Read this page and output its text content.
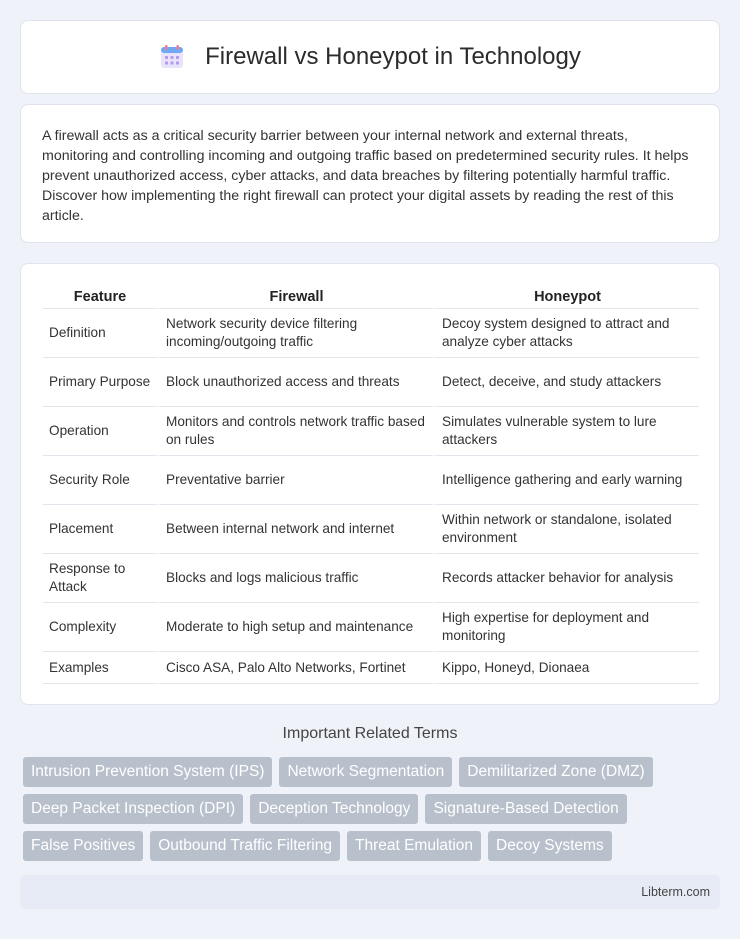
Firewall vs Honeypot in Technology

A firewall acts as a critical security barrier between your internal network and external threats, monitoring and controlling incoming and outgoing traffic based on predetermined security rules. It helps prevent unauthorized access, cyber attacks, and data breaches by filtering potentially harmful traffic. Discover how implementing the right firewall can protect your digital assets by reading the rest of this article.

Feature	Firewall	Honeypot
Definition	Network security device filtering incoming/outgoing traffic	Decoy system designed to attract and analyze cyber attacks
Primary Purpose	Block unauthorized access and threats	Detect, deceive, and study attackers
Operation	Monitors and controls network traffic based on rules	Simulates vulnerable system to lure attackers
Security Role	Preventative barrier	Intelligence gathering and early warning
Placement	Between internal network and internet	Within network or standalone, isolated environment
Response to Attack	Blocks and logs malicious traffic	Records attacker behavior for analysis
Complexity	Moderate to high setup and maintenance	High expertise for deployment and monitoring
Examples	Cisco ASA, Palo Alto Networks, Fortinet	Kippo, Honeyd, Dionaea
Important Related Terms
Intrusion Prevention System (IPS)	Network Segmentation	Demilitarized Zone (DMZ)
Deep Packet Inspection (DPI)	Deception Technology	Signature-Based Detection
False Positives	Outbound Traffic Filtering	Threat Emulation	Decoy Systems
Libterm.com
